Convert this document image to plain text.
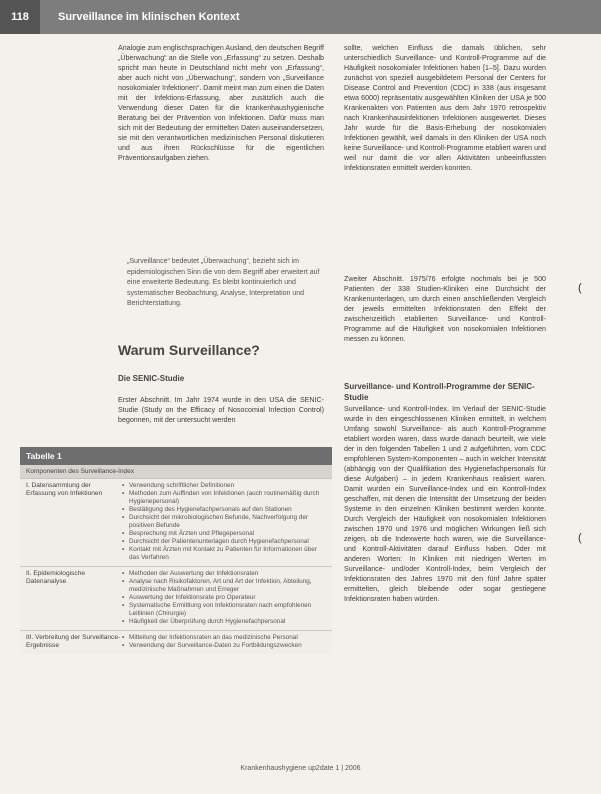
118	Surveillance im klinischen Kontext

Analogie zum englischsprachigen Ausland, den deutschen Begriff „Überwachung“ an die Stelle von „Erfassung“ zu setzen. Deshalb spricht man heute in Deutschland nicht mehr von „Erfassung“, aber auch nicht von „Überwachung“, sondern von „Surveillance nosokomialer Infektionen“. Damit meint man zum einen die Daten mit der Infektions-Erfassung, aber zusätzlich auch die Verwendung dieser Daten für die krankenhaushygienische Beratung bei der Prävention von Infektionen. Dafür muss man sich mit der Bedeutung der ermittelten Daten auseinandersetzen, sie mit den verantwortlichen medizinischen Personal diskutieren und aus ihren Rückschlüsse für die eigentlichen Präventionsaufgaben ziehen.

„Surveillance“ bedeutet „Überwachung“, bezieht sich im epidemiologischen Sinn die von dem Begriff aber erweitert auf eine erweiterte Bedeutung. Es bleibt kontinuierlich und systematischer Beobachtung, Analyse, Interpretation und Berichterstattung.
Warum Surveillance?
Die SENIC-Studie

Erster Abschnitt. Im Jahr 1974 wurde in den USA die SENIC-Studie (Study on the Efficacy of Nosocomial Infection Control) begonnen, mit der untersucht werden

sollte, welchen Einfluss die damals üblichen, sehr unterschiedlich Surveillance- und Kontroll-Programme auf die Häufigkeit nosokomialer Infektionen haben [1–5]. Dazu wurden zunächst von speziell ausgebildetem Personal der Centers for Disease Control and Prevention (CDC) in 338 (aus insgesamt etwa 6000) repräsentativ ausgewählten Kliniken der USA je 500 Krankenakten von Patienten aus dem Jahr 1970 retrospektiv nach Krankenhausinfektionen Infektionen ausgewertet. Dieses Jahr wurde für die Basis-Erhebung der nosokomialen Infektionen gewählt, weil damals in den Kliniken der USA noch keine Surveillance- und Kontroll-Programme etabliert waren und weil nur damit die vor allen Aktivitäten unbeeinflussten Infektionsraten ermittelt werden konnten.

Zweiter Abschnitt. 1975/76 erfolgte nochmals bei je 500 Patienten der 338 Studien-Kliniken eine Durchsicht der Krankenunterlagen, um durch einen anschließenden Vergleich der jeweils ermittelten Infektionsraten den Effekt der zwischenzeitlich etablierten Surveillance- und Kontroll-Programme auf die Häufigkeit von nosokomialen Infektionen messen zu können.

Surveillance- und Kontroll-Programme der SENIC-Studie

Surveillance- und Kontroll-Index. Im Verlauf der SENIC-Studie wurde in den eingeschlossenen Kliniken ermittelt, in welchem Umfang sowohl Surveillance- als auch Kontroll-Programme etabliert worden waren, dass wurde danach beurteilt, wie viele der in den folgenden Tabellen 1 und 2 aufgeführten, vom CDC empfohlenen System-Komponenten – auch in welcher Intensität (abhängig von der Qualifikation des Hygienefachpersonals für diese Aufgaben) – in jedem Krankenhaus realisiert waren. Damit wurden ein Surveillance-Index und ein Kontroll-Index geschaffen, mit denen die Intensität der Umsetzung der beiden Systeme in den einzelnen Kliniken bestimmt werden konnte. Durch Vergleich der Häufigkeit von nosokomialen Infektionen zwischen 1970 und 1976 und möglichen Wirkungen ließ sich zeigen, ob die Indexwerte hoch waren, wie die Surveillance- und Kontroll-Aktivitäten darauf Einfluss haben. Oder mit anderen Worten: In Kliniken mit niedrigen Werten im Surveillance- und/oder Kontroll-Index, beim Vergleich der Infektionsraten des Jahres 1970 mit den fünf Jahre später ermittelten, gleich bleibende oder sogar gestiegene Infektionsraten haben würden.

Tabelle 1
Komponenten des Surveillance-Index
I. Datensammlung der Erfassung von Infektionen
▪ Verwendung schriftlicher Definitionen
▪ Methoden zum Auffinden von Infektionen (auch routinemäßig durch Hygienepersonal)
▪ Bestätigung des Hygienefachpersonals auf den Stationen
▪ Durchsicht der mikrobiologischen Befunde, Nachverfolgung der positiven Befunde
▪ Besprechung mit Ärzten und Pflegepersonal
▪ Durchsicht der Patientenunterlagen durch Hygienefachpersonal
▪ Kontakt mit Ärzten mit Kontakt zu Patienten für Informationen über das Verfahren
II. Epidemiologische Datenanalyse
▪ Methoden der Auswertung der Infektionsraten
▪ Analyse nach Risikofaktoren, Art und Art der Infektion, Abteilung, medizinische Maßnahmen und Erreger
▪ Auswertung der Infektionsrate pro Operateur
▪ Systematische Ermittlung von Infektionsraten nach empfohlenen Leitlinien (Chirurgie)
▪ Häufigkeit der Überprüfung durch Hygienefachpersonal
III. Verbreitung der Surveillance-Ergebnisse
▪ Mitteilung der Infektionsraten an das medizinische Personal
▪ Verwendung der Surveillance-Daten zu Fortbildungszwecken
(
(
Krankenhaushygiene up2date 1 | 2006
